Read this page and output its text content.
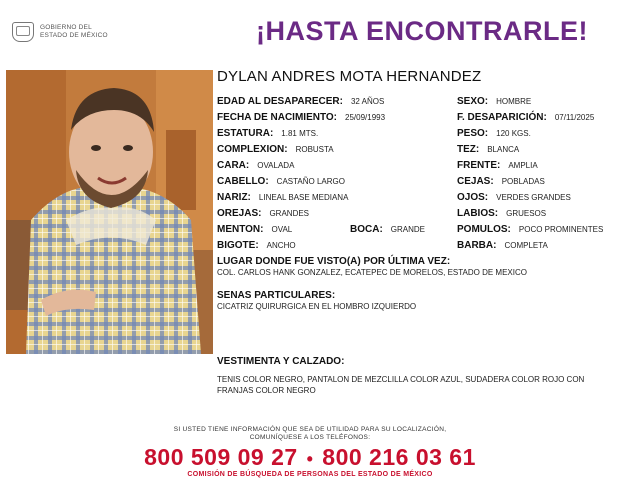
GOBIERNO DEL
ESTADO DE MÉXICO	¡HASTA ENCONTRARLE!
DYLAN ANDRES MOTA HERNANDEZ
EDAD AL DESAPARECER: 32 AÑOS
FECHA DE NACIMIENTO: 25/09/1993
ESTATURA: 1.81 MTS.
COMPLEXION: ROBUSTA
CARA: OVALADA
CABELLO: CASTAÑO LARGO
NARIZ: LINEAL BASE MEDIANA
OREJAS: GRANDES
MENTON: OVAL
BIGOTE: ANCHO
BOCA: GRANDE
SEXO: HOMBRE
F. DESAPARICIÓN: 07/11/2025
PESO: 120 KGS.
TEZ: BLANCA
FRENTE: AMPLIA
CEJAS: POBLADAS
OJOS: VERDES GRANDES
LABIOS: GRUESOS
POMULOS: POCO PROMINENTES
BARBA: COMPLETA
LUGAR DONDE FUE VISTO(A) POR ÚLTIMA VEZ:
COL. CARLOS HANK GONZALEZ, ECATEPEC DE MORELOS, ESTADO DE MEXICO
SENAS PARTICULARES:
CICATRIZ QUIRURGICA EN EL HOMBRO IZQUIERDO
VESTIMENTA Y CALZADO:
TENIS COLOR NEGRO, PANTALON DE MEZCLILLA COLOR AZUL, SUDADERA COLOR ROJO CON FRANJAS COLOR NEGRO
SI USTED TIENE INFORMACIÓN QUE SEA DE UTILIDAD PARA SU LOCALIZACIÓN,
COMUNÍQUESE A LOS TELÉFONOS:
800 509 09 27 • 800 216 03 61
COMISIÓN DE BÚSQUEDA DE PERSONAS DEL ESTADO DE MÉXICO
